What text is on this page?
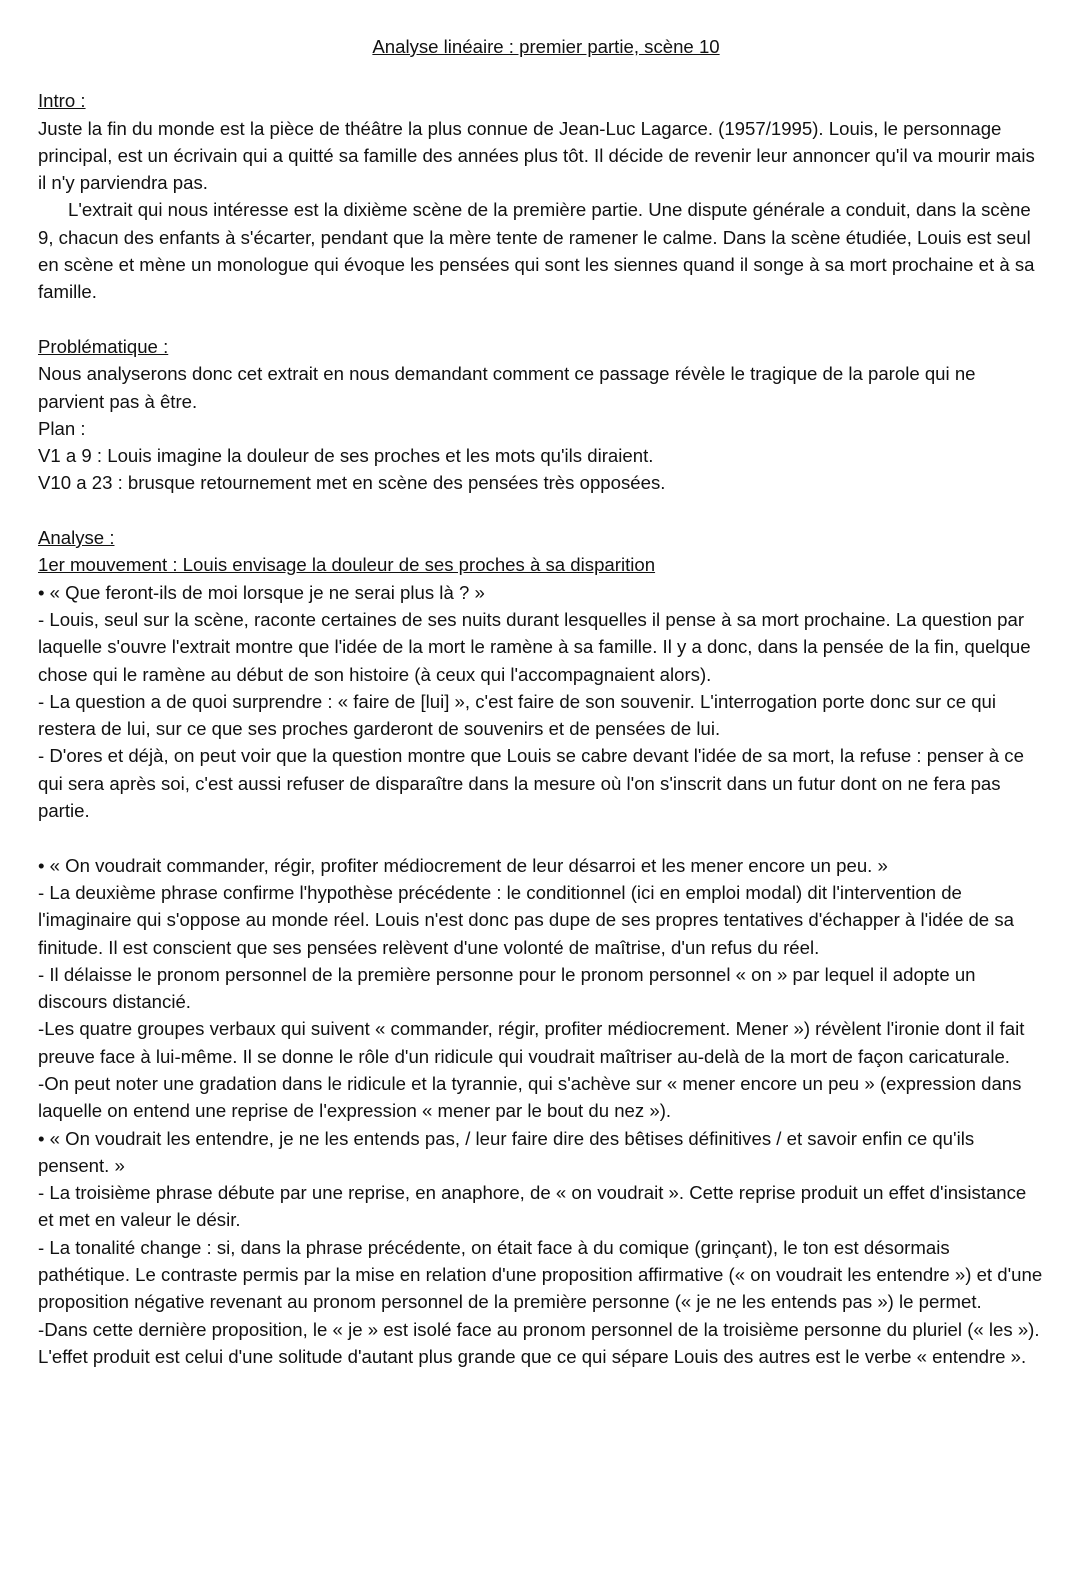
Analyse linéaire : premier partie, scène 10
Intro :

Juste la fin du monde est la pièce de théâtre la plus connue de Jean-Luc Lagarce. (1957/1995). Louis, le personnage principal, est un écrivain qui a quitté sa famille des années plus tôt. Il décide de revenir leur annoncer qu'il va mourir mais il n'y parviendra pas.

L'extrait qui nous intéresse est la dixième scène de la première partie. Une dispute générale a conduit, dans la scène 9, chacun des enfants à s'écarter, pendant que la mère tente de ramener le calme. Dans la scène étudiée, Louis est seul en scène et mène un monologue qui évoque les pensées qui sont les siennes quand il songe à sa mort prochaine et à sa famille.

Problématique :

Nous analyserons donc cet extrait en nous demandant comment ce passage révèle le tragique de la parole qui ne parvient pas à être.

Plan :

V1 a 9 : Louis imagine la douleur de ses proches et les mots qu'ils diraient.

V10 a 23 : brusque retournement met en scène des pensées très opposées.

Analyse :
1er mouvement : Louis envisage la douleur de ses proches à sa disparition

• « Que feront-ils de moi lorsque je ne serai plus là ? »

- Louis, seul sur la scène, raconte certaines de ses nuits durant lesquelles il pense à sa mort prochaine. La question par laquelle s'ouvre l'extrait montre que l'idée de la mort le ramène à sa famille. Il y a donc, dans la pensée de la fin, quelque chose qui le ramène au début de son histoire (à ceux qui l'accompagnaient alors).

- La question a de quoi surprendre : « faire de [lui] », c'est faire de son souvenir. L'interrogation porte donc sur ce qui restera de lui, sur ce que ses proches garderont de souvenirs et de pensées de lui.

- D'ores et déjà, on peut voir que la question montre que Louis se cabre devant l'idée de sa mort, la refuse : penser à ce qui sera après soi, c'est aussi refuser de disparaître dans la mesure où l'on s'inscrit dans un futur dont on ne fera pas partie.

• « On voudrait commander, régir, profiter médiocrement de leur désarroi et les mener encore un peu. »

- La deuxième phrase confirme l'hypothèse précédente : le conditionnel (ici en emploi modal) dit l'intervention de l'imaginaire qui s'oppose au monde réel. Louis n'est donc pas dupe de ses propres tentatives d'échapper à l'idée de sa finitude. Il est conscient que ses pensées relèvent d'une volonté de maîtrise, d'un refus du réel.

- Il délaisse le pronom personnel de la première personne pour le pronom personnel « on » par lequel il adopte un discours distancié.

-Les quatre groupes verbaux qui suivent « commander, régir, profiter médiocrement. Mener ») révèlent l'ironie dont il fait preuve face à lui-même. Il se donne le rôle d'un ridicule qui voudrait maîtriser au-delà de la mort de façon caricaturale.

-On peut noter une gradation dans le ridicule et la tyrannie, qui s'achève sur « mener encore un peu » (expression dans laquelle on entend une reprise de l'expression « mener par le bout du nez »).

• « On voudrait les entendre, je ne les entends pas, / leur faire dire des bêtises définitives / et savoir enfin ce qu'ils pensent. »

- La troisième phrase débute par une reprise, en anaphore, de « on voudrait ». Cette reprise produit un effet d'insistance et met en valeur le désir.

- La tonalité change : si, dans la phrase précédente, on était face à du comique (grinçant), le ton est désormais pathétique. Le contraste permis par la mise en relation d'une proposition affirmative (« on voudrait les entendre ») et d'une proposition négative revenant au pronom personnel de la première personne (« je ne les entends pas ») le permet.

-Dans cette dernière proposition, le « je » est isolé face au pronom personnel de la troisième personne du pluriel (« les »). L'effet produit est celui d'une solitude d'autant plus grande que ce qui sépare Louis des autres est le verbe « entendre ».
